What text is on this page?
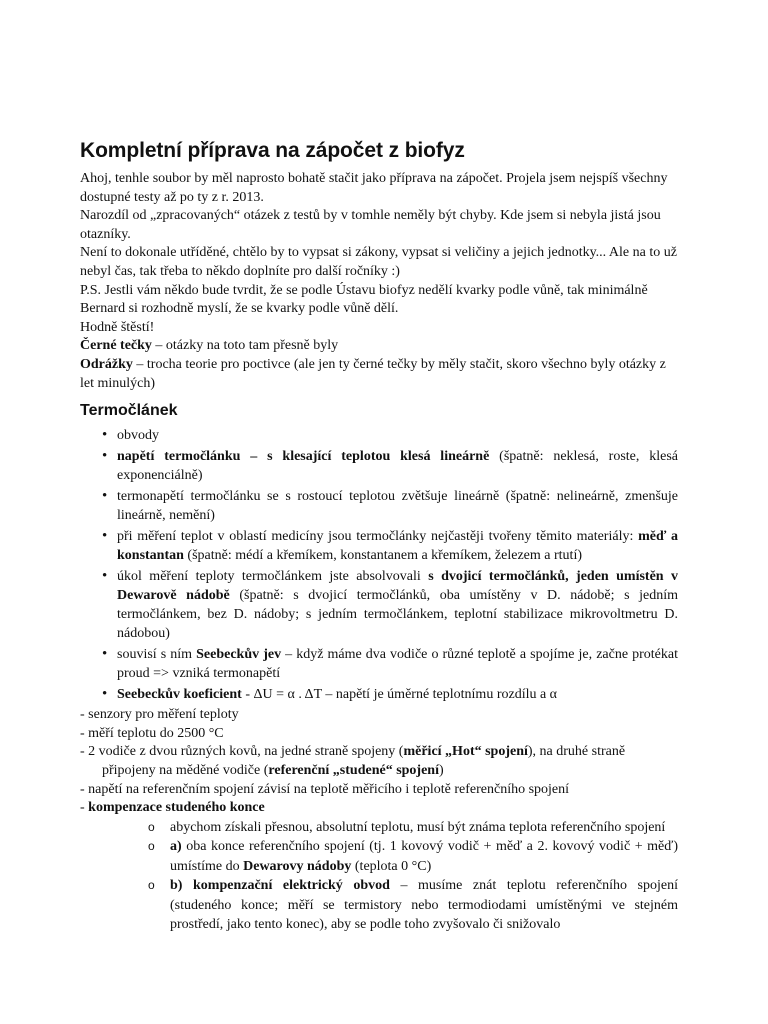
Kompletní příprava na zápočet z biofyz

Ahoj, tenhle soubor by měl naprosto bohatě stačit jako příprava na zápočet. Projela jsem nejspíš všechny dostupné testy až po ty z r. 2013.

Narozdíl od „zpracovaných“ otázek z testů by v tomhle neměly být chyby. Kde jsem si nebyla jistá jsou otazníky.

Není to dokonale utříděné, chtělo by to vypsat si zákony, vypsat si veličiny a jejich jednotky... Ale na to už nebyl čas, tak třeba to někdo doplníte pro další ročníky :)

P.S. Jestli vám někdo bude tvrdit, že se podle Ústavu biofyz nedělí kvarky podle vůně, tak minimálně Bernard si rozhodně myslí, že se kvarky podle vůně dělí.

Hodně štěstí!

Černé tečky – otázky na toto tam přesně byly

Odrážky – trocha teorie pro poctivce (ale jen ty černé tečky by měly stačit, skoro všechno byly otázky z let minulých)

Termočlánek
• obvody
• napětí termočlánku – s klesající teplotou klesá lineárně (špatně: neklesá, roste, klesá exponenciálně)
• termonapětí termočlánku se s rostoucí teplotou zvětšuje lineárně (špatně: nelineárně, zmenšuje lineárně, nemění)
• při měření teplot v oblastí medicíny jsou termočlánky nejčastěji tvořeny těmito materiály: měď a konstantan (špatně: médí a křemíkem, konstantanem a křemíkem, železem a rtutí)
• úkol měření teploty termočlánkem jste absolvovali s dvojicí termočlánků, jeden umístěn v Dewarově nádobě (špatně: s dvojicí termočlánků, oba umístěny v D. nádobě; s jedním termočlánkem, bez D. nádoby; s jedním termočlánkem, teplotní stabilizace mikrovoltmetru D. nádobou)
• souvisí s ním Seebeckův jev – když máme dva vodiče o různé teplotě a spojíme je, začne protékat proud => vzniká termonapětí
• Seebeckův koeficient - ΔU = α . ΔT – napětí je úměrné teplotnímu rozdílu a α
- senzory pro měření teploty
- měří teplotu do 2500 °C
- 2 vodiče z dvou různých kovů, na jedné straně spojeny (měřicí „Hot“ spojení), na druhé straně připojeny na měděné vodiče (referenční „studené“ spojení)
- napětí na referenčním spojení závisí na teplotě měřicího i teplotě referenčního spojení
- kompenzace studeného konce
o abychom získali přesnou, absolutní teplotu, musí být známa teplota referenčního spojení
o a) oba konce referenčního spojení (tj. 1 kovový vodič + měď a 2. kovový vodič + měď) umístíme do Dewarovy nádoby (teplota 0 °C)
o b) kompenzační elektrický obvod – musíme znát teplotu referenčního spojení (studeného konce; měří se termistory nebo termodiodami umístěnými ve stejném prostředí, jako tento konec), aby se podle toho zvyšovalo či snižovalo
